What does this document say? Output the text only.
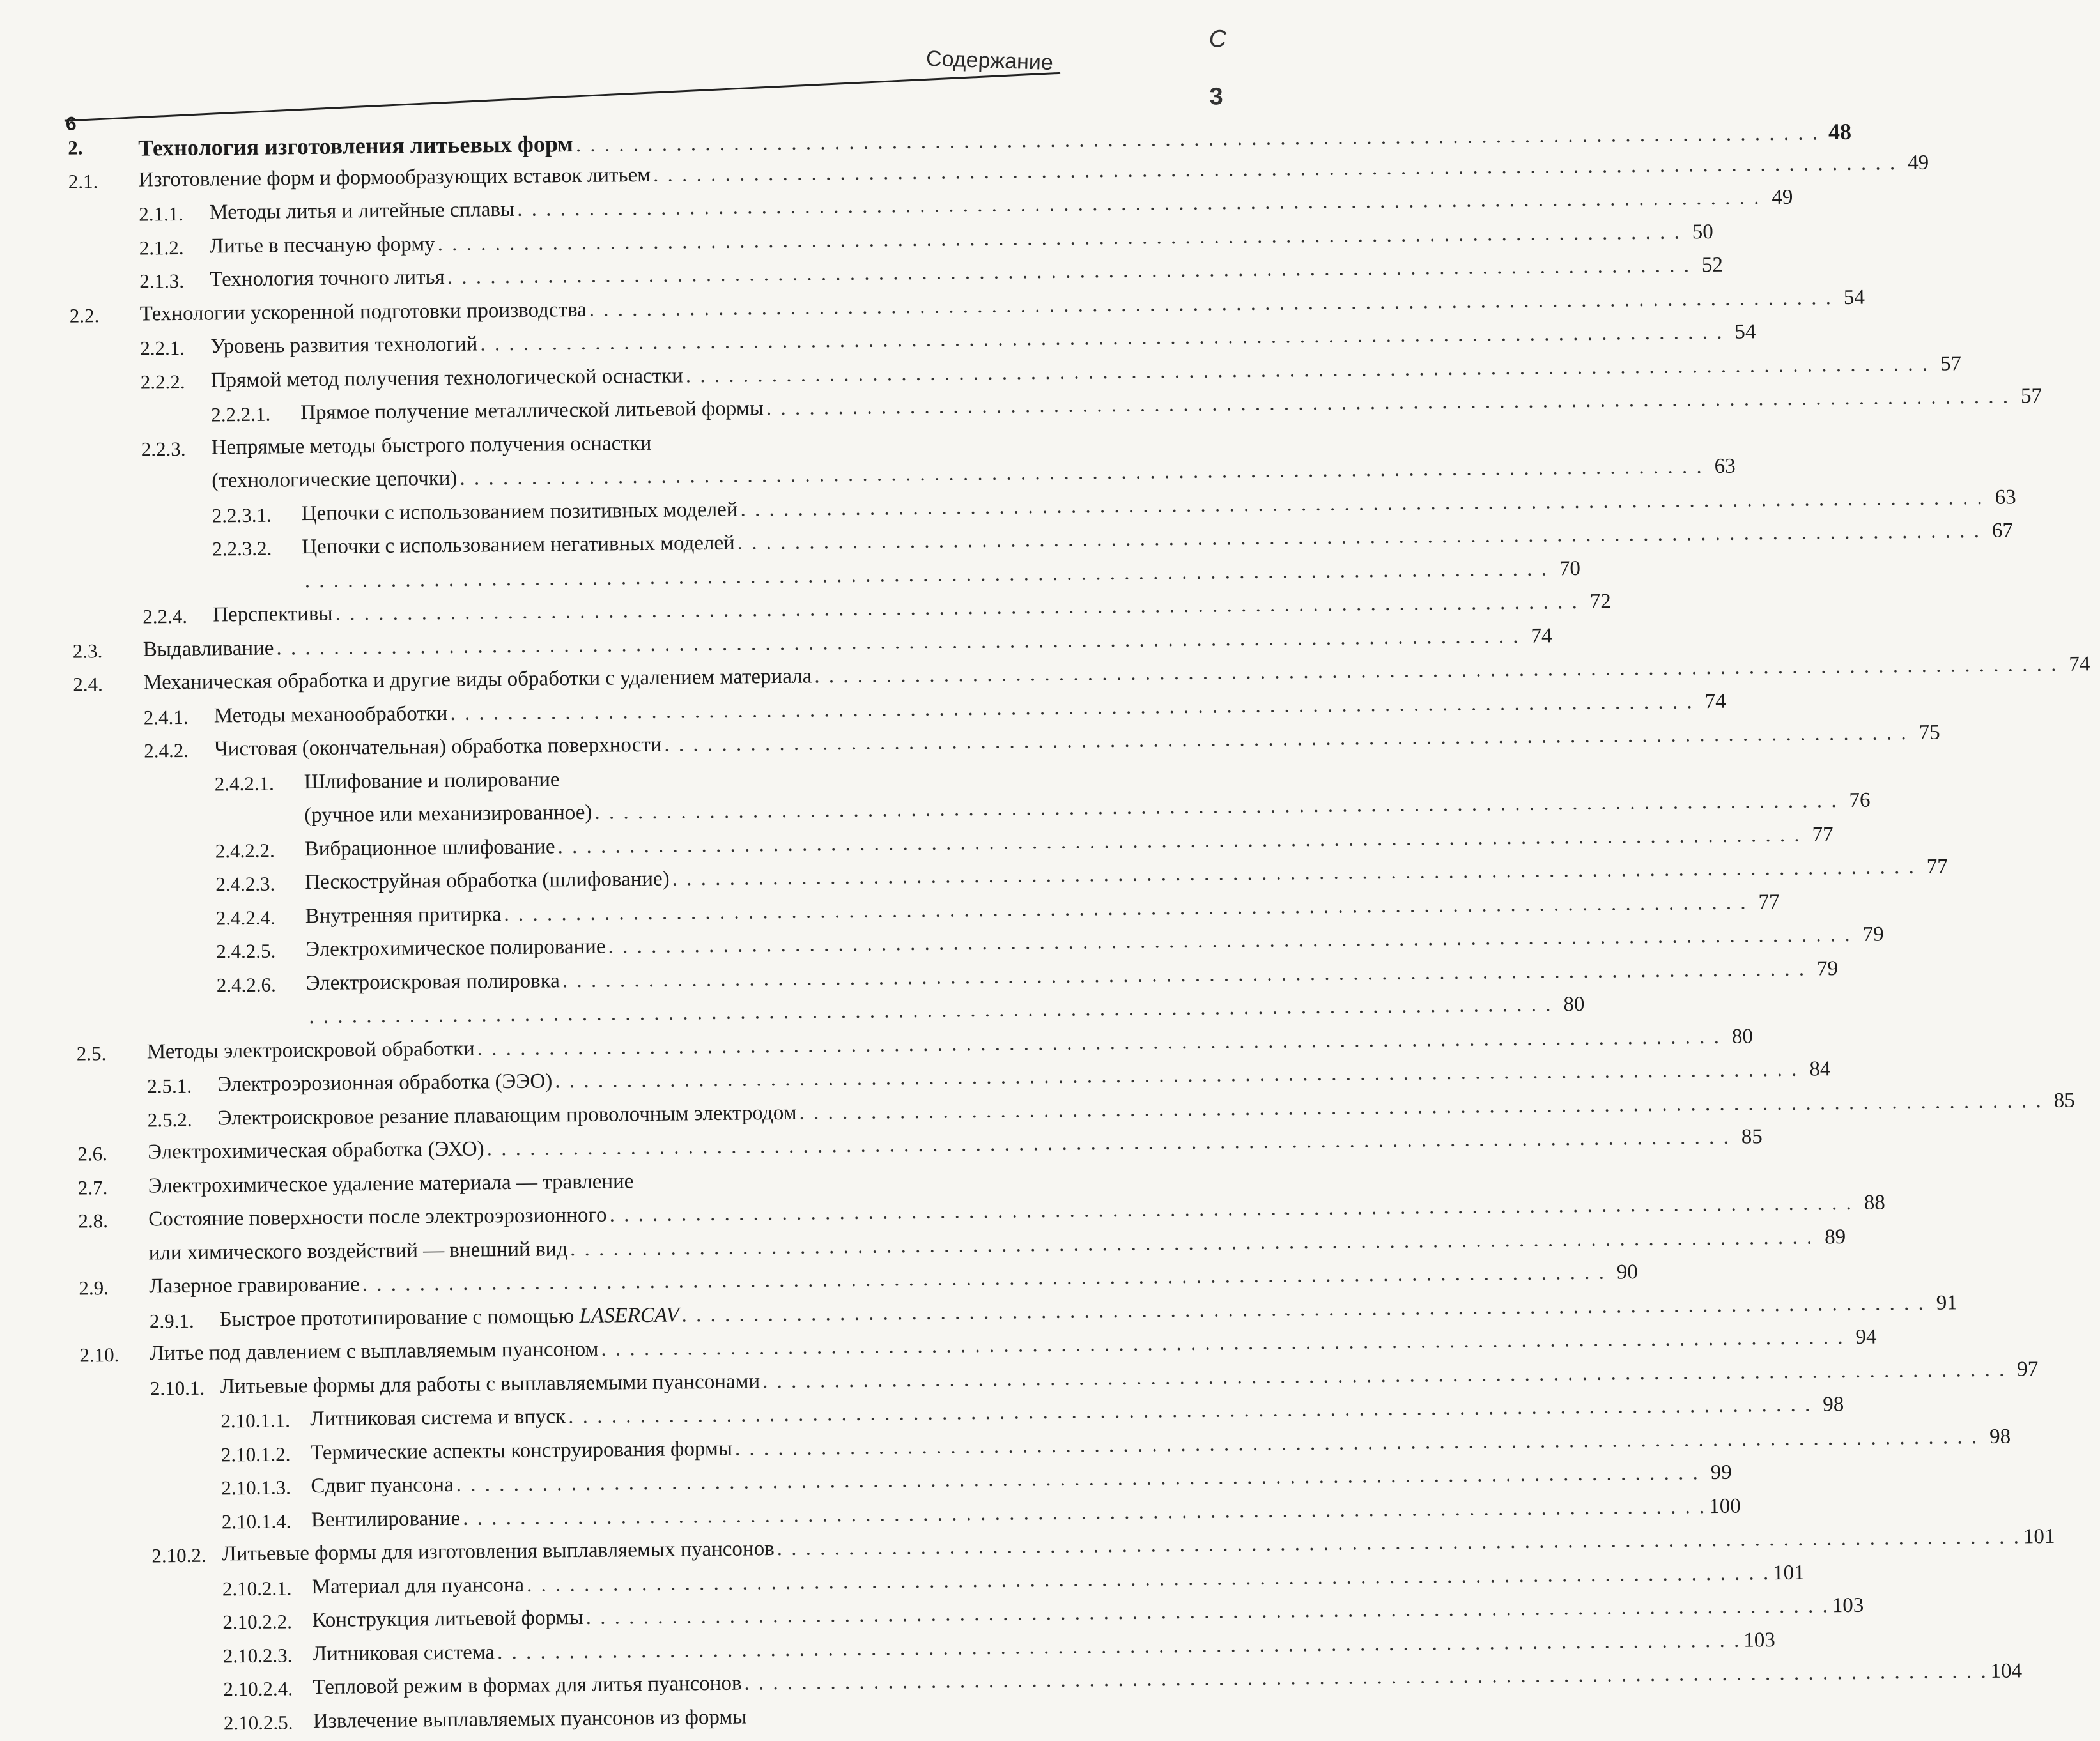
Содержание
6
С
3
2. Технология изготовления литьевых форм . . . . . . . . . . . . . . . . . . . . . . . . . . . . . . . . . . . . . . . . . . . . . . . . . . . . . . . . . . . . . . . . . . . . . . . . . . . . . . . . . . . . . . . 48
2.1. Изготовление форм и формообразующих вставок литьем . . . . . . . . . . . . . . . . . . . . . . . . . . . . . . . . . . . . . . . . . . . . . . . . . . . . . . . . . . . . . . . . . . . . . . . . . . . . . . . . . . . . . . . 49
2.1.1. Методы литья и литейные сплавы . . . . . . . . . . . . . . . . . . . . . . . . . . . . . . . . . . . . . . . . . . . . . . . . . . . . . . . . . . . . . . . . . . . . . . . . . . . . . . . . . . . . . . . 49
2.1.2. Литье в песчаную форму . . . . . . . . . . . . . . . . . . . . . . . . . . . . . . . . . . . . . . . . . . . . . . . . . . . . . . . . . . . . . . . . . . . . . . . . . . . . . . . . . . . . . . . 50
2.1.3. Технология точного литья . . . . . . . . . . . . . . . . . . . . . . . . . . . . . . . . . . . . . . . . . . . . . . . . . . . . . . . . . . . . . . . . . . . . . . . . . . . . . . . . . . . . . . . 52
2.2. Технологии ускоренной подготовки производства . . . . . . . . . . . . . . . . . . . . . . . . . . . . . . . . . . . . . . . . . . . . . . . . . . . . . . . . . . . . . . . . . . . . . . . . . . . . . . . . . . . . . . . 54
2.2.1. Уровень развития технологий . . . . . . . . . . . . . . . . . . . . . . . . . . . . . . . . . . . . . . . . . . . . . . . . . . . . . . . . . . . . . . . . . . . . . . . . . . . . . . . . . . . . . . . 54
2.2.2. Прямой метод получения технологической оснастки . . . . . . . . . . . . . . . . . . . . . . . . . . . . . . . . . . . . . . . . . . . . . . . . . . . . . . . . . . . . . . . . . . . . . . . . . . . . . . . . . . . . . . . 57
2.2.2.1. Прямое получение металлической литьевой формы . . . . . . . . . . . . . . . . . . . . . . . . . . . . . . . . . . . . . . . . . . . . . . . . . . . . . . . . . . . . . . . . . . . . . . . . . . . . . . . . . . . . . . . 57
2.2.3. Непрямые методы быстрого получения оснастки
(технологические цепочки) . . . . . . . . . . . . . . . . . . . . . . . . . . . . . . . . . . . . . . . . . . . . . . . . . . . . . . . . . . . . . . . . . . . . . . . . . . . . . . . . . . . . . . . 63
2.2.3.1. Цепочки с использованием позитивных моделей . . . . . . . . . . . . . . . . . . . . . . . . . . . . . . . . . . . . . . . . . . . . . . . . . . . . . . . . . . . . . . . . . . . . . . . . . . . . . . . . . . . . . . . 63
2.2.3.2. Цепочки с использованием негативных моделей . . . . . . . . . . . . . . . . . . . . . . . . . . . . . . . . . . . . . . . . . . . . . . . . . . . . . . . . . . . . . . . . . . . . . . . . . . . . . . . . . . . . . . . 67
. . . . . . . . . . . . . . . . . . . . . . . . . . . . . . . . . . . . . . . . . . . . . . . . . . . . . . . . . . . . . . . . . . . . . . . . . . . . . . . . . . . . . . . 70
2.2.4. Перспективы . . . . . . . . . . . . . . . . . . . . . . . . . . . . . . . . . . . . . . . . . . . . . . . . . . . . . . . . . . . . . . . . . . . . . . . . . . . . . . . . . . . . . . . 72
2.3. Выдавливание . . . . . . . . . . . . . . . . . . . . . . . . . . . . . . . . . . . . . . . . . . . . . . . . . . . . . . . . . . . . . . . . . . . . . . . . . . . . . . . . . . . . . . . 74
2.4. Механическая обработка и другие виды обработки с удалением материала . . . . . . . . . . . . . . . . . . . . . . . . . . . . . . . . . . . . . . . . . . . . . . . . . . . . . . . . . . . . . . . . . . . . . . . . . . . . . . . . . . . . . . . 74
2.4.1. Методы механообработки . . . . . . . . . . . . . . . . . . . . . . . . . . . . . . . . . . . . . . . . . . . . . . . . . . . . . . . . . . . . . . . . . . . . . . . . . . . . . . . . . . . . . . . 74
2.4.2. Чистовая (окончательная) обработка поверхности . . . . . . . . . . . . . . . . . . . . . . . . . . . . . . . . . . . . . . . . . . . . . . . . . . . . . . . . . . . . . . . . . . . . . . . . . . . . . . . . . . . . . . . 75
2.4.2.1. Шлифование и полирование
(ручное или механизированное) . . . . . . . . . . . . . . . . . . . . . . . . . . . . . . . . . . . . . . . . . . . . . . . . . . . . . . . . . . . . . . . . . . . . . . . . . . . . . . . . . . . . . . . 76
2.4.2.2. Вибрационное шлифование . . . . . . . . . . . . . . . . . . . . . . . . . . . . . . . . . . . . . . . . . . . . . . . . . . . . . . . . . . . . . . . . . . . . . . . . . . . . . . . . . . . . . . . 77
2.4.2.3. Пескоструйная обработка (шлифование) . . . . . . . . . . . . . . . . . . . . . . . . . . . . . . . . . . . . . . . . . . . . . . . . . . . . . . . . . . . . . . . . . . . . . . . . . . . . . . . . . . . . . . . 77
2.4.2.4. Внутренняя притирка . . . . . . . . . . . . . . . . . . . . . . . . . . . . . . . . . . . . . . . . . . . . . . . . . . . . . . . . . . . . . . . . . . . . . . . . . . . . . . . . . . . . . . . 77
2.4.2.5. Электрохимическое полирование . . . . . . . . . . . . . . . . . . . . . . . . . . . . . . . . . . . . . . . . . . . . . . . . . . . . . . . . . . . . . . . . . . . . . . . . . . . . . . . . . . . . . . . 79
2.4.2.6. Электроискровая полировка . . . . . . . . . . . . . . . . . . . . . . . . . . . . . . . . . . . . . . . . . . . . . . . . . . . . . . . . . . . . . . . . . . . . . . . . . . . . . . . . . . . . . . . 79
. . . . . . . . . . . . . . . . . . . . . . . . . . . . . . . . . . . . . . . . . . . . . . . . . . . . . . . . . . . . . . . . . . . . . . . . . . . . . . . . . . . . . . . 80
2.5. Методы электроискровой обработки . . . . . . . . . . . . . . . . . . . . . . . . . . . . . . . . . . . . . . . . . . . . . . . . . . . . . . . . . . . . . . . . . . . . . . . . . . . . . . . . . . . . . . . 80
2.5.1. Электроэрозионная обработка (ЭЭО) . . . . . . . . . . . . . . . . . . . . . . . . . . . . . . . . . . . . . . . . . . . . . . . . . . . . . . . . . . . . . . . . . . . . . . . . . . . . . . . . . . . . . . . 84
2.5.2. Электроискровое резание плавающим проволочным электродом . . . . . . . . . . . . . . . . . . . . . . . . . . . . . . . . . . . . . . . . . . . . . . . . . . . . . . . . . . . . . . . . . . . . . . . . . . . . . . . . . . . . . . . 85
2.6. Электрохимическая обработка (ЭХО) . . . . . . . . . . . . . . . . . . . . . . . . . . . . . . . . . . . . . . . . . . . . . . . . . . . . . . . . . . . . . . . . . . . . . . . . . . . . . . . . . . . . . . . 85
2.7. Электрохимическое удаление материала — травление
2.8. Состояние поверхности после электроэрозионного . . . . . . . . . . . . . . . . . . . . . . . . . . . . . . . . . . . . . . . . . . . . . . . . . . . . . . . . . . . . . . . . . . . . . . . . . . . . . . . . . . . . . . . 88
или химического воздействий — внешний вид . . . . . . . . . . . . . . . . . . . . . . . . . . . . . . . . . . . . . . . . . . . . . . . . . . . . . . . . . . . . . . . . . . . . . . . . . . . . . . . . . . . . . . . 89
2.9. Лазерное гравирование . . . . . . . . . . . . . . . . . . . . . . . . . . . . . . . . . . . . . . . . . . . . . . . . . . . . . . . . . . . . . . . . . . . . . . . . . . . . . . . . . . . . . . . 90
2.9.1. Быстрое прототипирование с помощью LASERCAV . . . . . . . . . . . . . . . . . . . . . . . . . . . . . . . . . . . . . . . . . . . . . . . . . . . . . . . . . . . . . . . . . . . . . . . . . . . . . . . . . . . . . . . 91
2.10. Литье под давлением с выплавляемым пуансоном . . . . . . . . . . . . . . . . . . . . . . . . . . . . . . . . . . . . . . . . . . . . . . . . . . . . . . . . . . . . . . . . . . . . . . . . . . . . . . . . . . . . . . . 94
2.10.1. Литьевые формы для работы с выплавляемыми пуансонами . . . . . . . . . . . . . . . . . . . . . . . . . . . . . . . . . . . . . . . . . . . . . . . . . . . . . . . . . . . . . . . . . . . . . . . . . . . . . . . . . . . . . . . 97
2.10.1.1. Литниковая система и впуск . . . . . . . . . . . . . . . . . . . . . . . . . . . . . . . . . . . . . . . . . . . . . . . . . . . . . . . . . . . . . . . . . . . . . . . . . . . . . . . . . . . . . . . 98
2.10.1.2. Термические аспекты конструирования формы . . . . . . . . . . . . . . . . . . . . . . . . . . . . . . . . . . . . . . . . . . . . . . . . . . . . . . . . . . . . . . . . . . . . . . . . . . . . . . . . . . . . . . . 98
2.10.1.3. Сдвиг пуансона . . . . . . . . . . . . . . . . . . . . . . . . . . . . . . . . . . . . . . . . . . . . . . . . . . . . . . . . . . . . . . . . . . . . . . . . . . . . . . . . . . . . . . . 99
2.10.1.4. Вентилирование . . . . . . . . . . . . . . . . . . . . . . . . . . . . . . . . . . . . . . . . . . . . . . . . . . . . . . . . . . . . . . . . . . . . . . . . . . . . . . . . . . . . . . . 100
2.10.2. Литьевые формы для изготовления выплавляемых пуансонов . . . . . . . . . . . . . . . . . . . . . . . . . . . . . . . . . . . . . . . . . . . . . . . . . . . . . . . . . . . . . . . . . . . . . . . . . . . . . . . . . . . . . . . 101
2.10.2.1. Материал для пуансона . . . . . . . . . . . . . . . . . . . . . . . . . . . . . . . . . . . . . . . . . . . . . . . . . . . . . . . . . . . . . . . . . . . . . . . . . . . . . . . . . . . . . . . 101
2.10.2.2. Конструкция литьевой формы . . . . . . . . . . . . . . . . . . . . . . . . . . . . . . . . . . . . . . . . . . . . . . . . . . . . . . . . . . . . . . . . . . . . . . . . . . . . . . . . . . . . . . . 103
2.10.2.3. Литниковая система . . . . . . . . . . . . . . . . . . . . . . . . . . . . . . . . . . . . . . . . . . . . . . . . . . . . . . . . . . . . . . . . . . . . . . . . . . . . . . . . . . . . . . . 103
2.10.2.4. Тепловой режим в формах для литья пуансонов . . . . . . . . . . . . . . . . . . . . . . . . . . . . . . . . . . . . . . . . . . . . . . . . . . . . . . . . . . . . . . . . . . . . . . . . . . . . . . . . . . . . . . . 104
2.10.2.5. Извлечение выплавляемых пуансонов из формы
